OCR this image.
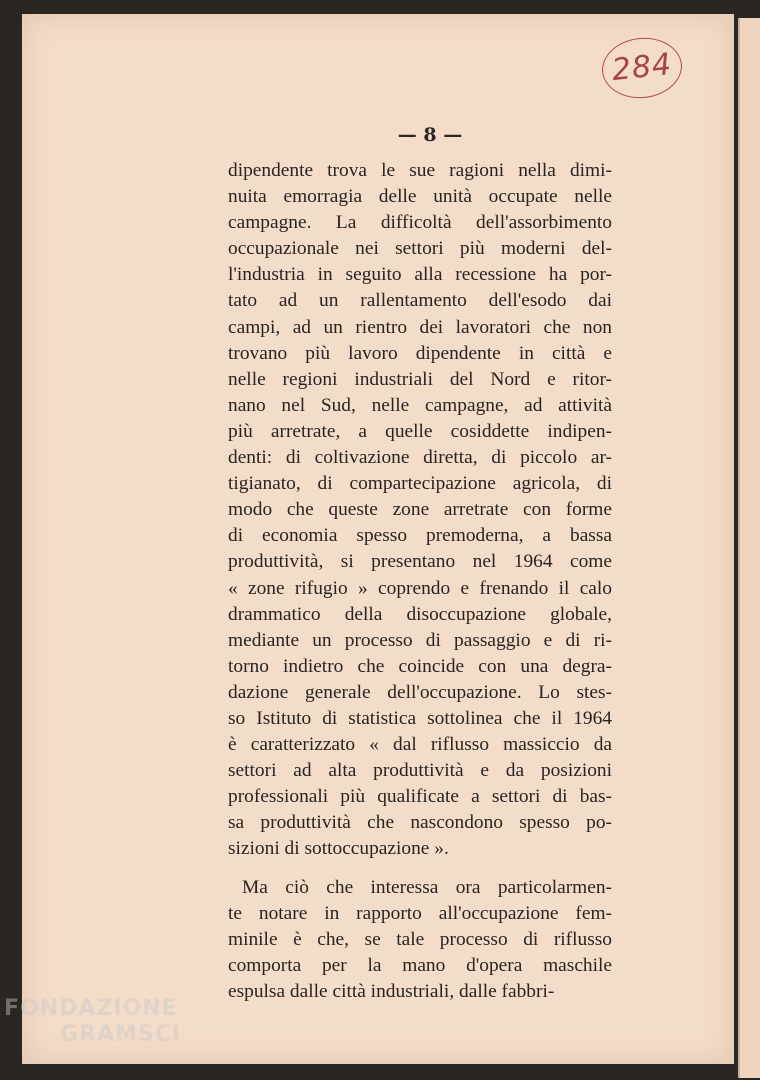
284
— 8 —

dipendente trova le sue ragioni nella dimi-
nuita emorragia delle unità occupate nelle
campagne. La difficoltà dell'assorbimento
occupazionale nei settori più moderni del-
l'industria in seguito alla recessione ha por-
tato ad un rallentamento dell'esodo dai
campi, ad un rientro dei lavoratori che non
trovano più lavoro dipendente in città e
nelle regioni industriali del Nord e ritor-
nano nel Sud, nelle campagne, ad attività
più arretrate, a quelle cosiddette indipen-
denti: di coltivazione diretta, di piccolo ar-
tigianato, di compartecipazione agricola, di
modo che queste zone arretrate con forme
di economia spesso premoderna, a bassa
produttività, si presentano nel 1964 come
« zone rifugio » coprendo e frenando il calo
drammatico della disoccupazione globale,
mediante un processo di passaggio e di ri-
torno indietro che coincide con una degra-
dazione generale dell'occupazione. Lo stes-
so Istituto di statistica sottolinea che il 1964
è caratterizzato « dal riflusso massiccio da
settori ad alta produttività e da posizioni
professionali più qualificate a settori di bas-
sa produttività che nascondono spesso po-
sizioni di sottoccupazione ».

Ma ciò che interessa ora particolarmen-
te notare in rapporto all'occupazione fem-
minile è che, se tale processo di riflusso
comporta per la mano d'opera maschile
espulsa dalle città industriali, dalle fabbri-

FONDAZIONE
GRAMSCI
